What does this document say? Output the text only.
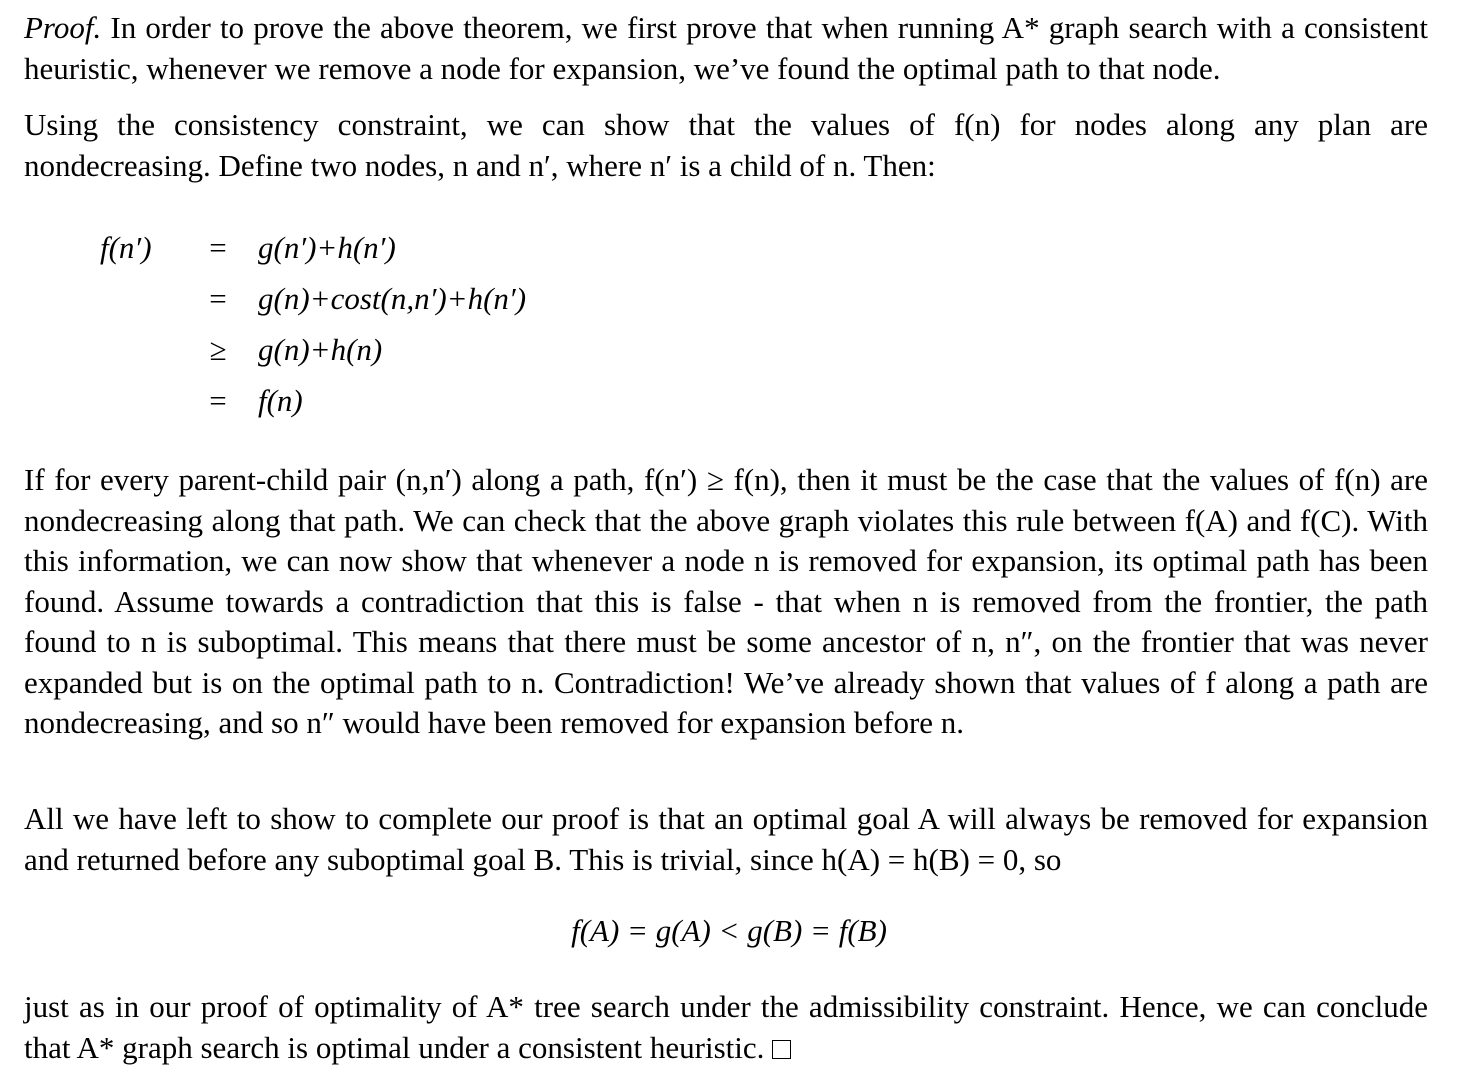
Proof. In order to prove the above theorem, we first prove that when running A* graph search with a consistent heuristic, whenever we remove a node for expansion, we’ve found the optimal path to that node.

Using the consistency constraint, we can show that the values of f(n) for nodes along any plan are nondecreasing. Define two nodes, n and n′, where n′ is a child of n. Then:

f(n′)	=	g(n′)+h(n′)
	=	g(n)+cost(n,n′)+h(n′)
	≥	g(n)+h(n)
	=	f(n)

If for every parent-child pair (n,n′) along a path, f(n′) ≥ f(n), then it must be the case that the values of f(n) are nondecreasing along that path. We can check that the above graph violates this rule between f(A) and f(C). With this information, we can now show that whenever a node n is removed for expansion, its optimal path has been found. Assume towards a contradiction that this is false - that when n is removed from the frontier, the path found to n is suboptimal. This means that there must be some ancestor of n, n″, on the frontier that was never expanded but is on the optimal path to n. Contradiction! We’ve already shown that values of f along a path are nondecreasing, and so n″ would have been removed for expansion before n.

All we have left to show to complete our proof is that an optimal goal A will always be removed for expansion and returned before any suboptimal goal B. This is trivial, since h(A) = h(B) = 0, so

f(A) = g(A) < g(B) = f(B)

just as in our proof of optimality of A* tree search under the admissibility constraint. Hence, we can conclude that A* graph search is optimal under a consistent heuristic.
